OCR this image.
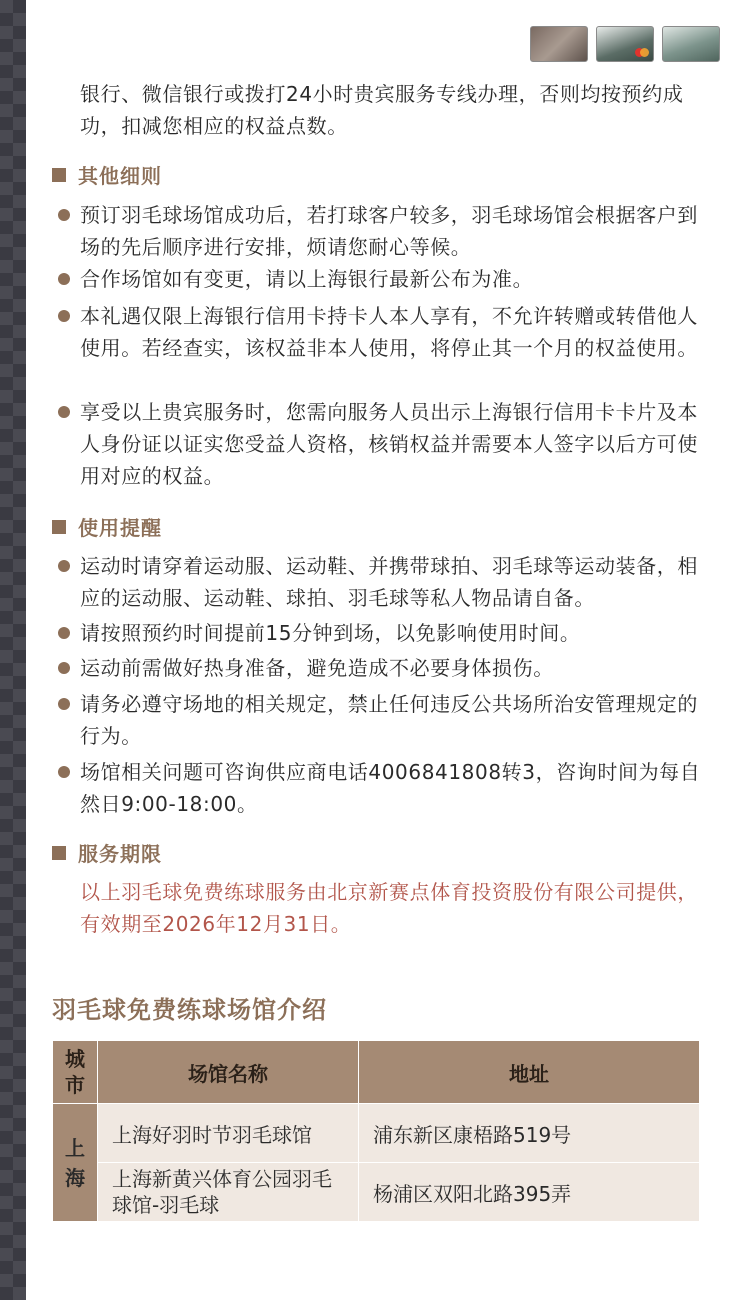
银行、微信银行或拨打24小时贵宾服务专线办理，否则均按预约成功，扣减您相应的权益点数。

其他细则
预订羽毛球场馆成功后，若打球客户较多，羽毛球场馆会根据客户到场的先后顺序进行安排，烦请您耐心等候。
合作场馆如有变更，请以上海银行最新公布为准。
本礼遇仅限上海银行信用卡持卡人本人享有，不允许转赠或转借他人使用。若经查实，该权益非本人使用，将停止其一个月的权益使用。
享受以上贵宾服务时，您需向服务人员出示上海银行信用卡卡片及本人身份证以证实您受益人资格，核销权益并需要本人签字以后方可使用对应的权益。
使用提醒
运动时请穿着运动服、运动鞋、并携带球拍、羽毛球等运动装备，相应的运动服、运动鞋、球拍、羽毛球等私人物品请自备。
请按照预约时间提前15分钟到场，以免影响使用时间。
运动前需做好热身准备，避免造成不必要身体损伤。
请务必遵守场地的相关规定，禁止任何违反公共场所治安管理规定的行为。
场馆相关问题可咨询供应商电话4006841808转3，咨询时间为每自然日9:00-18:00。
服务期限

以上羽毛球免费练球服务由北京新赛点体育投资股份有限公司提供，有效期至2026年12月31日。

羽毛球免费练球场馆介绍
城
市	场馆名称	地址
上
海	上海好羽时节羽毛球馆	浦东新区康梧路519号
	上海新黄兴体育公园羽毛球馆-羽毛球	杨浦区双阳北路395弄
